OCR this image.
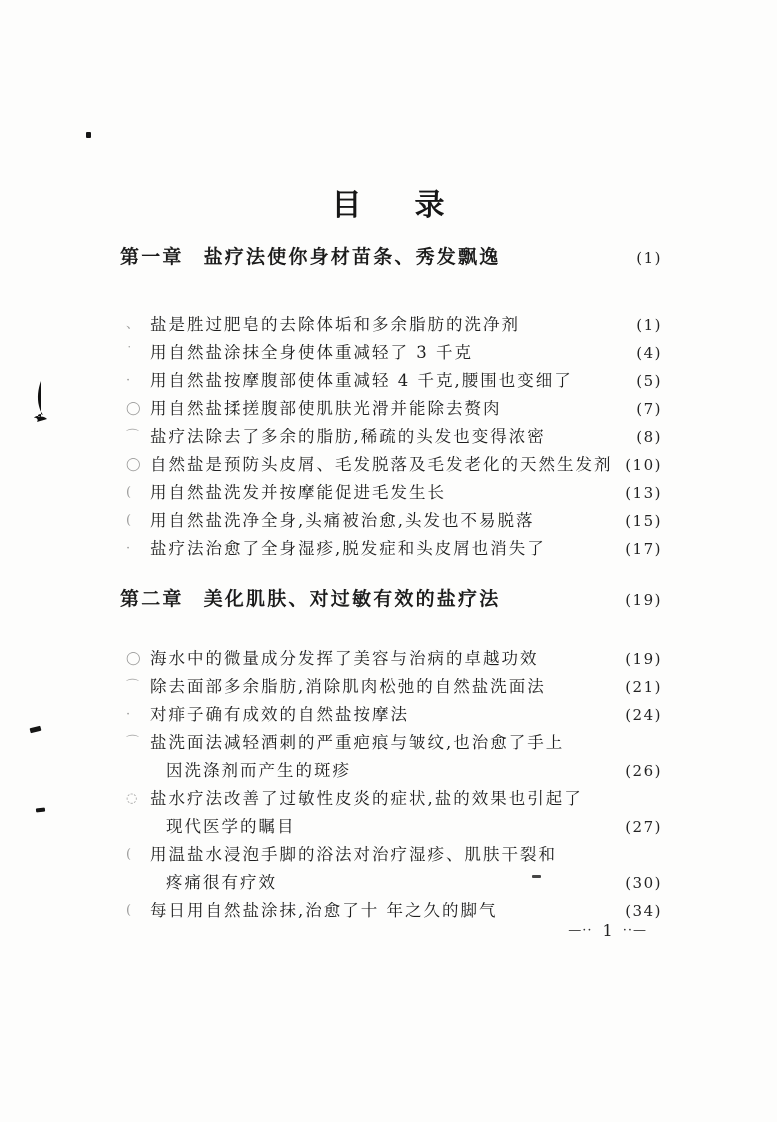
目 录
第一章 盐疗法使你身材苗条、秀发飘逸	(1)
、 盐是胜过肥皂的去除体垢和多余脂肪的洗净剂	(1)
˙ 用自然盐涂抹全身使体重减轻了 3 千克	(4)
· 用自然盐按摩腹部使体重减轻 4 千克,腰围也变细了	(5)
◯ 用自然盐揉搓腹部使肌肤光滑并能除去赘肉	(7)
⌒ 盐疗法除去了多余的脂肪,稀疏的头发也变得浓密	(8)
◯ 自然盐是预防头皮屑、毛发脱落及毛发老化的天然生发剂 (10)
( 用自然盐洗发并按摩能促进毛发生长	(13)
( 用自然盐洗净全身,头痛被治愈,头发也不易脱落	(15)
· 盐疗法治愈了全身湿疹,脱发症和头皮屑也消失了	(17)
第二章 美化肌肤、对过敏有效的盐疗法	(19)
◯ 海水中的微量成分发挥了美容与治病的卓越功效	(19)
⌒ 除去面部多余脂肪,消除肌肉松弛的自然盐洗面法	(21)
· 对痱子确有成效的自然盐按摩法	(24)
⌒ 盐洗面法减轻酒刺的严重疤痕与皱纹,也治愈了手上
因洗涤剂而产生的斑疹	(26)
◌ 盐水疗法改善了过敏性皮炎的症状,盐的效果也引起了
现代医学的瞩目	(27)
( 用温盐水浸泡手脚的浴法对治疗湿疹、肌肤干裂和
疼痛很有疗效	(30)
( 每日用自然盐涂抹,治愈了十 年之久的脚气	(34)
—·· 1 ··—
